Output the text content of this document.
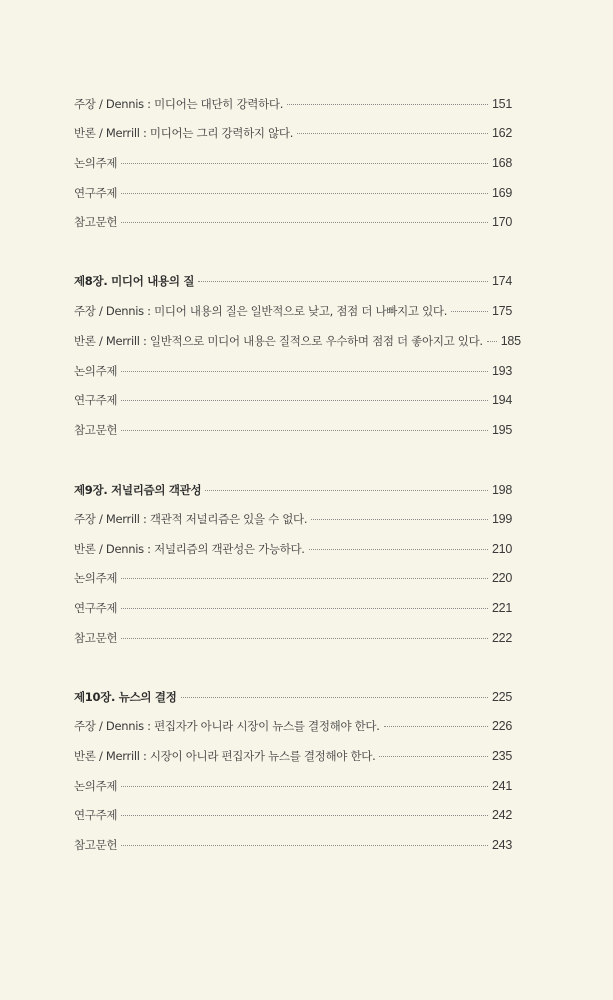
주장 / Dennis : 미디어는 대단히 강력하다.	151
반론 / Merrill : 미디어는 그리 강력하지 않다.	162
논의주제	168
연구주제	169
참고문헌	170
제8장. 미디어 내용의 질	174
주장 / Dennis : 미디어 내용의 질은 일반적으로 낮고, 점점 더 나빠지고 있다.	175
반론 / Merrill : 일반적으로 미디어 내용은 질적으로 우수하며 점점 더 좋아지고 있다. 185
논의주제	193
연구주제	194
참고문헌	195
제9장. 저널리즘의 객관성	198
주장 / Merrill : 객관적 저널리즘은 있을 수 없다.	199
반론 / Dennis : 저널리즘의 객관성은 가능하다.	210
논의주제	220
연구주제	221
참고문헌	222
제10장. 뉴스의 결정	225
주장 / Dennis : 편집자가 아니라 시장이 뉴스를 결정해야 한다.	226
반론 / Merrill : 시장이 아니라 편집자가 뉴스를 결정해야 한다.	235
논의주제	241
연구주제	242
참고문헌	243
